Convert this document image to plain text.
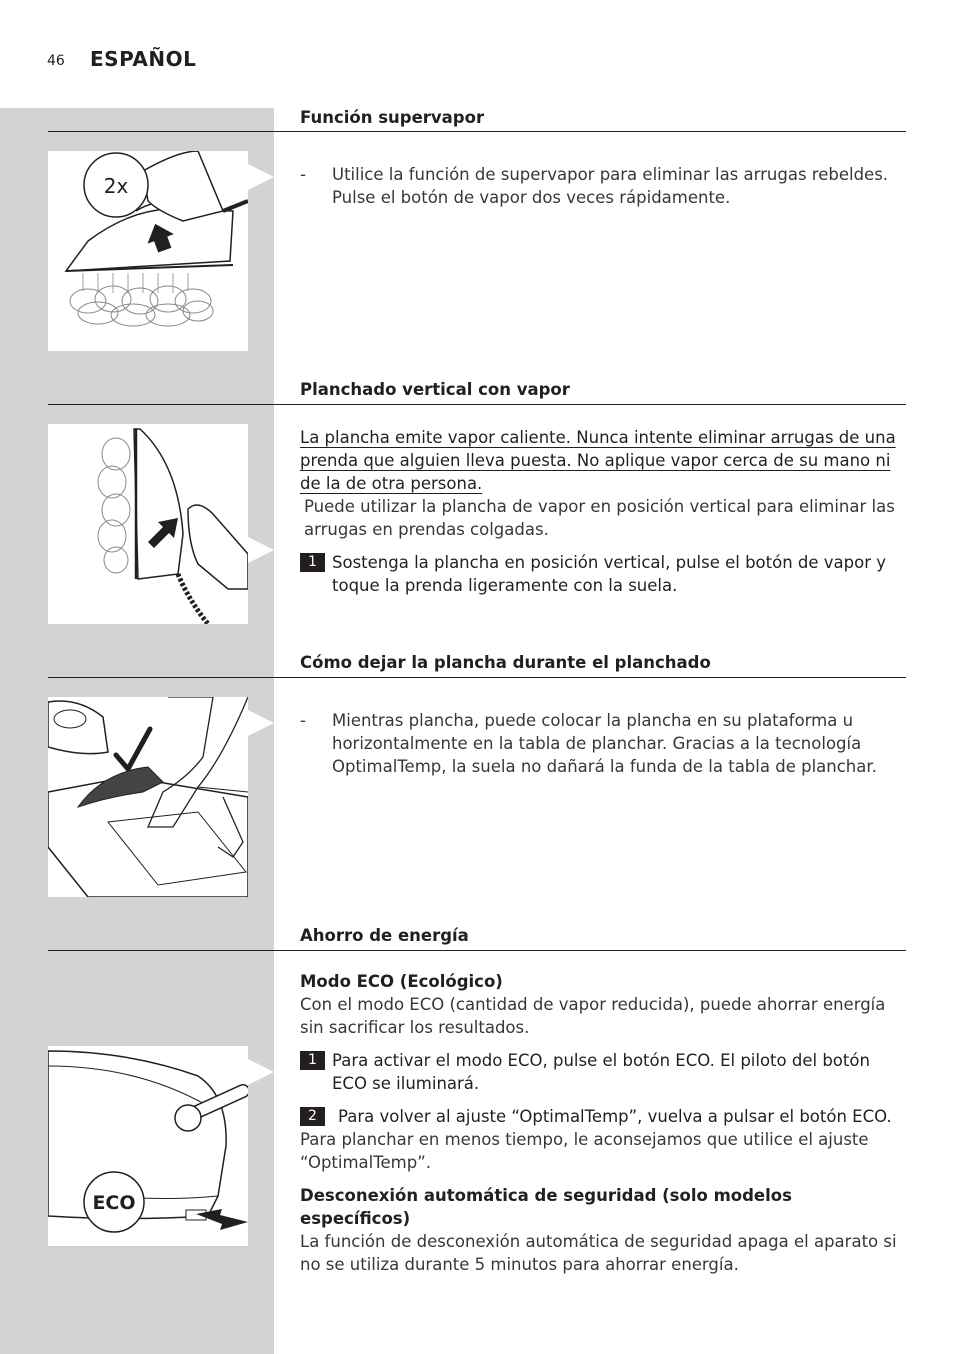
46 ESPAÑOL
Función supervapor
2x	- Utilice la función de supervapor para eliminar las arrugas rebeldes. Pulse el botón de vapor dos veces rápidamente.
Planchado vertical con vapor
La plancha emite vapor caliente. Nunca intente eliminar arrugas de una prenda que alguien lleva puesta. No aplique vapor cerca de su mano ni de la de otra persona.
Puede utilizar la plancha de vapor en posición vertical para eliminar las arrugas en prendas colgadas.
1 Sostenga la plancha en posición vertical, pulse el botón de vapor y toque la prenda ligeramente con la suela.
Cómo dejar la plancha durante el planchado
- Mientras plancha, puede colocar la plancha en su plataforma u horizontalmente en la tabla de planchar. Gracias a la tecnología OptimalTemp, la suela no dañará la funda de la tabla de planchar.
Ahorro de energía
ECO
Modo ECO (Ecológico)
Con el modo ECO (cantidad de vapor reducida), puede ahorrar energía sin sacrificar los resultados.
1 Para activar el modo ECO, pulse el botón ECO. El piloto del botón ECO se iluminará.
2	Para volver al ajuste “OptimalTemp”, vuelva a pulsar el botón ECO.
Para planchar en menos tiempo, le aconsejamos que utilice el ajuste “OptimalTemp”.
Desconexión automática de seguridad (solo modelos específicos)
La función de desconexión automática de seguridad apaga el aparato si no se utiliza durante 5 minutos para ahorrar energía.
